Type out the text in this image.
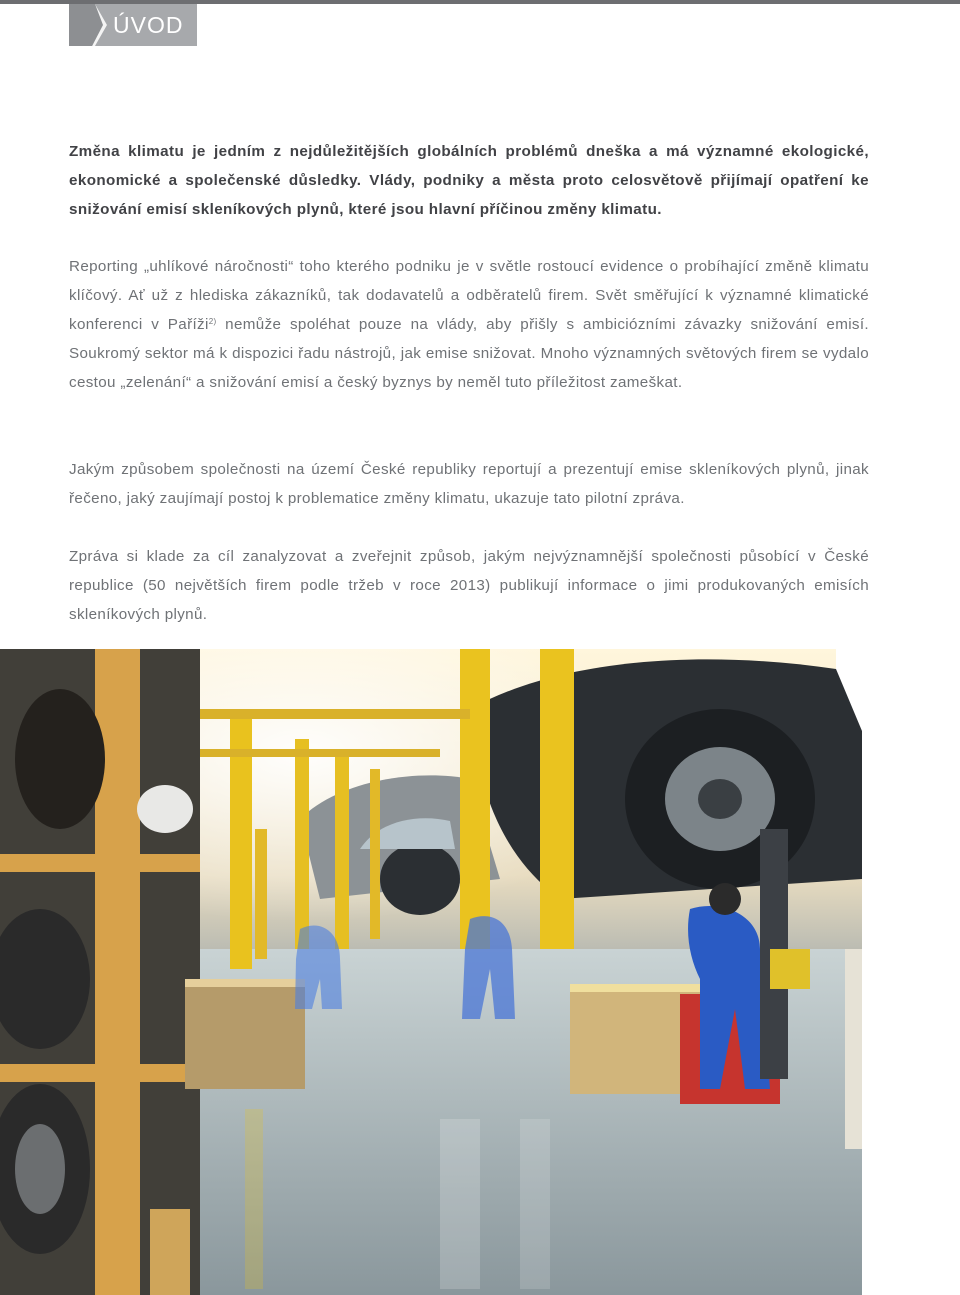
ÚVOD

Změna klimatu je jedním z nejdůležitějších globálních problémů dneška a má významné ekologické, ekonomické a společenské důsledky. Vlády, podniky a města proto celosvětově přijímají opatření ke snižování emisí skleníkových plynů, které jsou hlavní příčinou změny klimatu.

Reporting „uhlíkové náročnosti“ toho kterého podniku je v světle rostoucí evidence o probíhající změně klimatu klíčový. Ať už z hlediska zákazníků, tak dodavatelů a odběratelů firem. Svět směřující k významné klimatické konferenci v Paříži$^{2)}$ nemůže spoléhat pouze na vlády, aby přišly s ambiciózními závazky snižování emisí. Soukromý sektor má k dispozici řadu nástrojů, jak emise snižovat. Mnoho významných světových firem se vydalo cestou „zelenání“ a snižování emisí a český byznys by neměl tuto příležitost zameškat.

Jakým způsobem společnosti na území České republiky reportují a prezentují emise skleníkových plynů, jinak řečeno, jaký zaujímají postoj k problematice změny klimatu, ukazuje tato pilotní zpráva.

Zpráva si klade za cíl zanalyzovat a zveřejnit způsob, jakým nejvýznamnější společnosti působící v České republice (50 největších firem podle tržeb v roce 2013) publikují informace o jimi produkovaných emisích skleníkových plynů.
